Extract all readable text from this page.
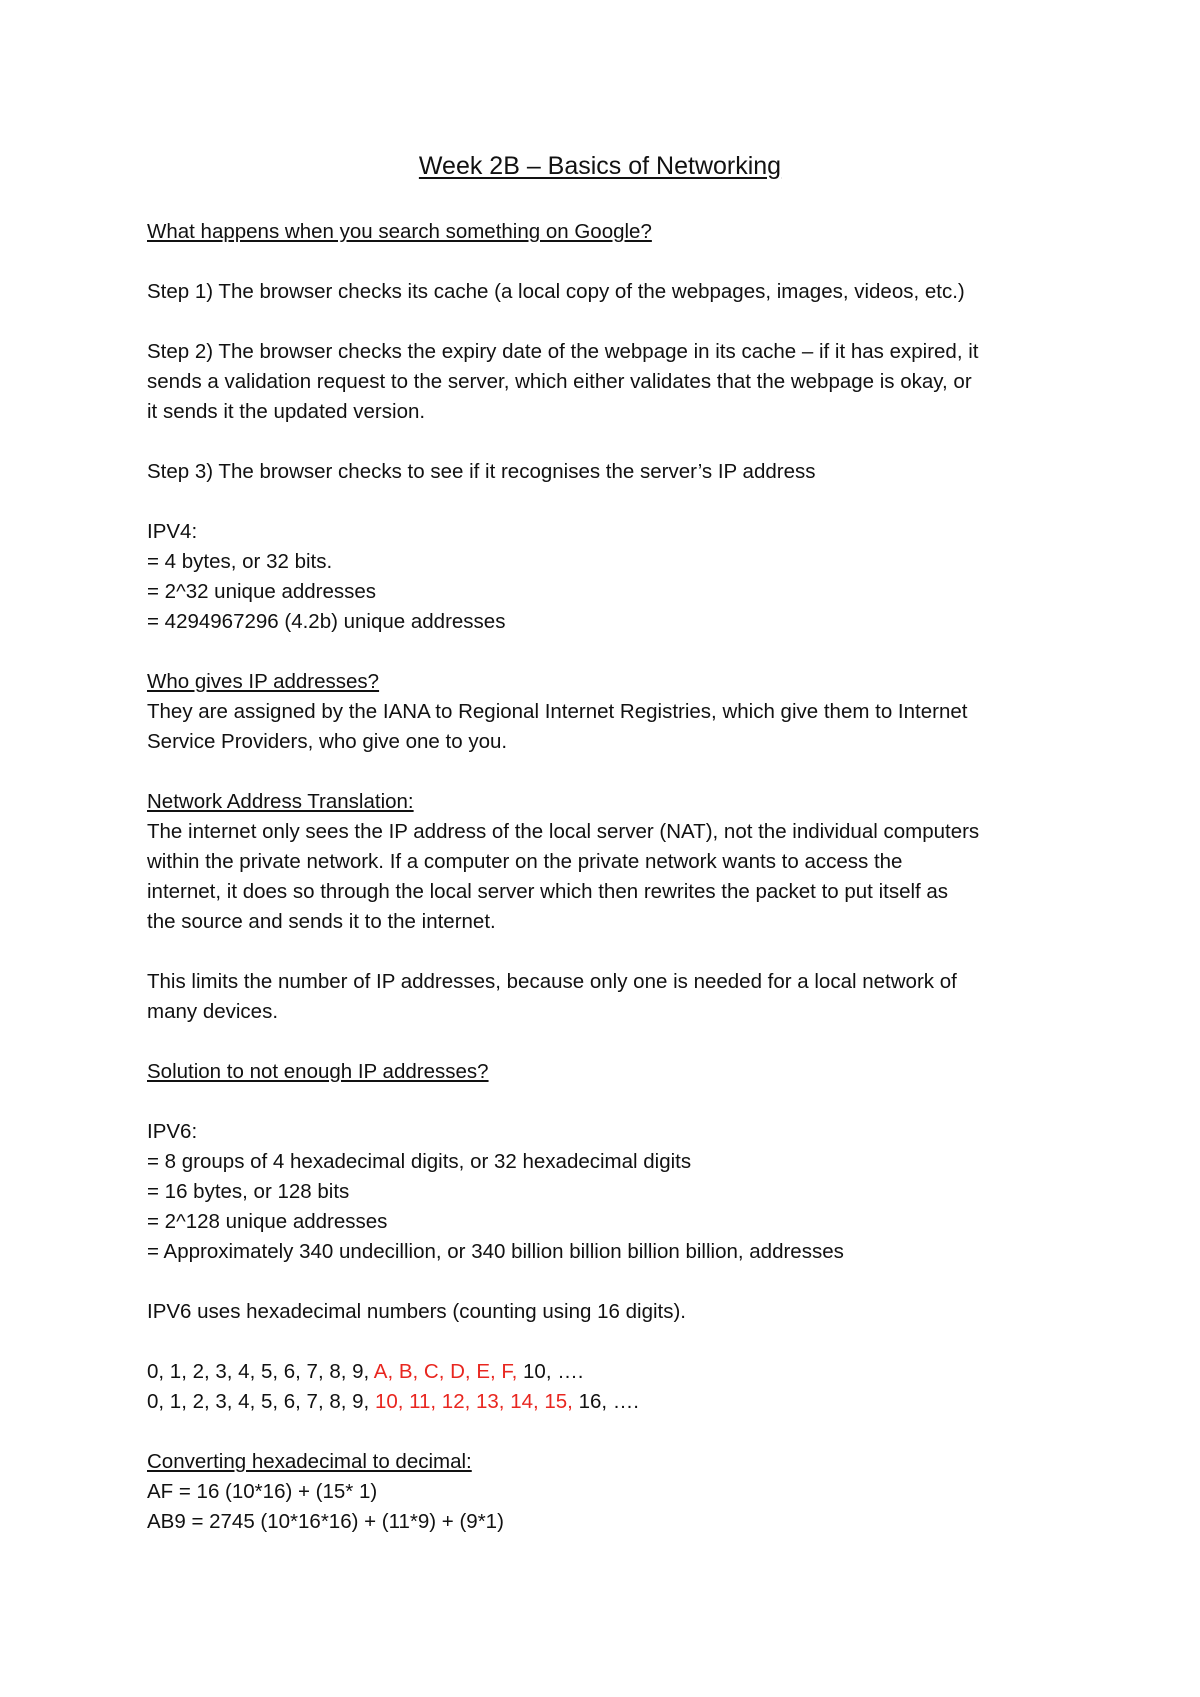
Week 2B – Basics of Networking

What happens when you search something on Google?

Step 1) The browser checks its cache (a local copy of the webpages, images, videos, etc.)

Step 2) The browser checks the expiry date of the webpage in its cache – if it has expired, it

sends a validation request to the server, which either validates that the webpage is okay, or

it sends it the updated version.

Step 3) The browser checks to see if it recognises the server’s IP address

IPV4:

= 4 bytes, or 32 bits.

= 2^32 unique addresses

= 4294967296 (4.2b) unique addresses

Who gives IP addresses?

They are assigned by the IANA to Regional Internet Registries, which give them to Internet

Service Providers, who give one to you.

Network Address Translation:

The internet only sees the IP address of the local server (NAT), not the individual computers

within the private network. If a computer on the private network wants to access the

internet, it does so through the local server which then rewrites the packet to put itself as

the source and sends it to the internet.

This limits the number of IP addresses, because only one is needed for a local network of

many devices.

Solution to not enough IP addresses?

IPV6:

= 8 groups of 4 hexadecimal digits, or 32 hexadecimal digits

= 16 bytes, or 128 bits

= 2^128 unique addresses

= Approximately 340 undecillion, or 340 billion billion billion billion, addresses

IPV6 uses hexadecimal numbers (counting using 16 digits).

0, 1, 2, 3, 4, 5, 6, 7, 8, 9, A, B, C, D, E, F, 10, ….

0, 1, 2, 3, 4, 5, 6, 7, 8, 9, 10, 11, 12, 13, 14, 15, 16, ….

Converting hexadecimal to decimal:

AF = 16 (10*16) + (15* 1)

AB9 = 2745 (10*16*16) + (11*9) + (9*1)
